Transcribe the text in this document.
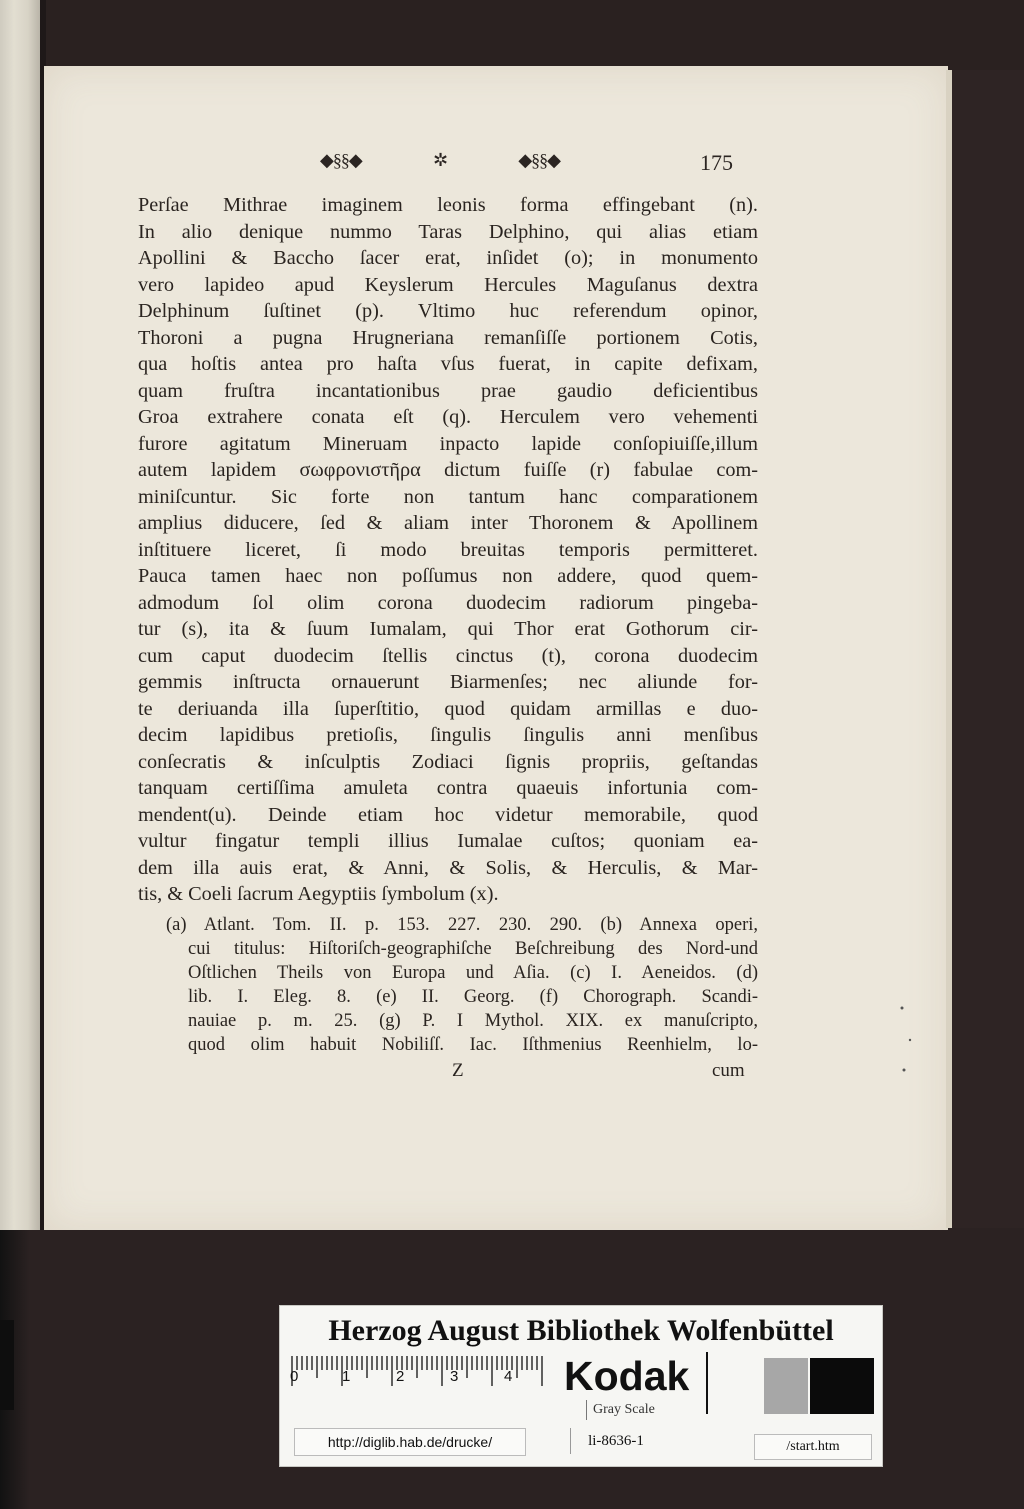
◆§§◆	✲	◆§§◆	175
Perſae Mithrae imaginem leonis forma effingebant (n).
In alio denique nummo Taras Delphino, qui alias etiam
Apollini & Baccho ſacer erat, inſidet (o); in monumento
vero lapideo apud Keyslerum Hercules Maguſanus dextra
Delphinum ſuſtinet (p). Vltimo huc referendum opinor,
Thoroni a pugna Hrugneriana remanſiſſe portionem Cotis,
qua hoſtis antea pro haſta vſus fuerat, in capite defixam,
quam fruſtra incantationibus prae gaudio deficientibus
Groa extrahere conata eſt (q). Herculem vero vehementi
furore agitatum Mineruam inpacto lapide conſopiuiſſe,illum
autem lapidem σωφρονιστῆρα dictum fuiſſe (r) fabulae com-
miniſcuntur. Sic forte non tantum hanc comparationem
amplius diducere, ſed & aliam inter Thoronem & Apollinem
inſtituere liceret, ſi modo breuitas temporis permitteret.
Pauca tamen haec non poſſumus non addere, quod quem-
admodum ſol olim corona duodecim radiorum pingeba-
tur (s), ita & ſuum Iumalam, qui Thor erat Gothorum cir-
cum caput duodecim ſtellis cinctus (t), corona duodecim
gemmis inſtructa ornauerunt Biarmenſes; nec aliunde for-
te deriuanda illa ſuperſtitio, quod quidam armillas e duo-
decim lapidibus pretioſis, ſingulis ſingulis anni menſibus
conſecratis & inſculptis Zodiaci ſignis propriis, geſtandas
tanquam certiſſima amuleta contra quaeuis infortunia com-
mendent(u). Deinde etiam hoc videtur memorabile, quod
vultur fingatur templi illius Iumalae cuſtos; quoniam ea-
dem illa auis erat, & Anni, & Solis, & Herculis, & Mar-
tis, & Coeli ſacrum Aegyptiis ſymbolum (x).
(a) Atlant. Tom. II. p. 153. 227. 230. 290. (b) Annexa operi,
cui titulus: Hiſtoriſch-geographiſche Beſchreibung des Nord-und
Oſtlichen Theils von Europa und Aſia. (c) I. Aeneidos. (d)
lib. I. Eleg. 8. (e) II. Georg. (f) Chorograph. Scandi-
nauiae p. m. 25. (g) P. I Mythol. XIX. ex manuſcripto,
quod olim habuit Nobiliſſ. Iac. Iſthmenius Reenhielm, lo-
Z	cum
Herzog August Bibliothek Wolfenbüttel
0	1	2	3	4 Kodak
Gray Scale
http://diglib.hab.de/drucke/	li-8636-1	/start.htm
